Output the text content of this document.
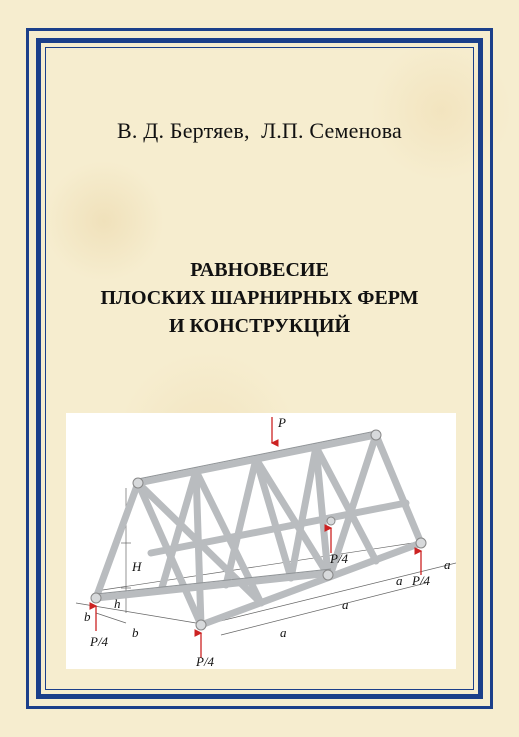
В. Д. Бертяев,  Л.П. Семенова
РАВНОВЕСИЕ
ПЛОСКИХ ШАРНИРНЫХ ФЕРМ
И КОНСТРУКЦИЙ
P
P/4
P/4
P/4
P/4
H
h
b
b	a
a
a
a
